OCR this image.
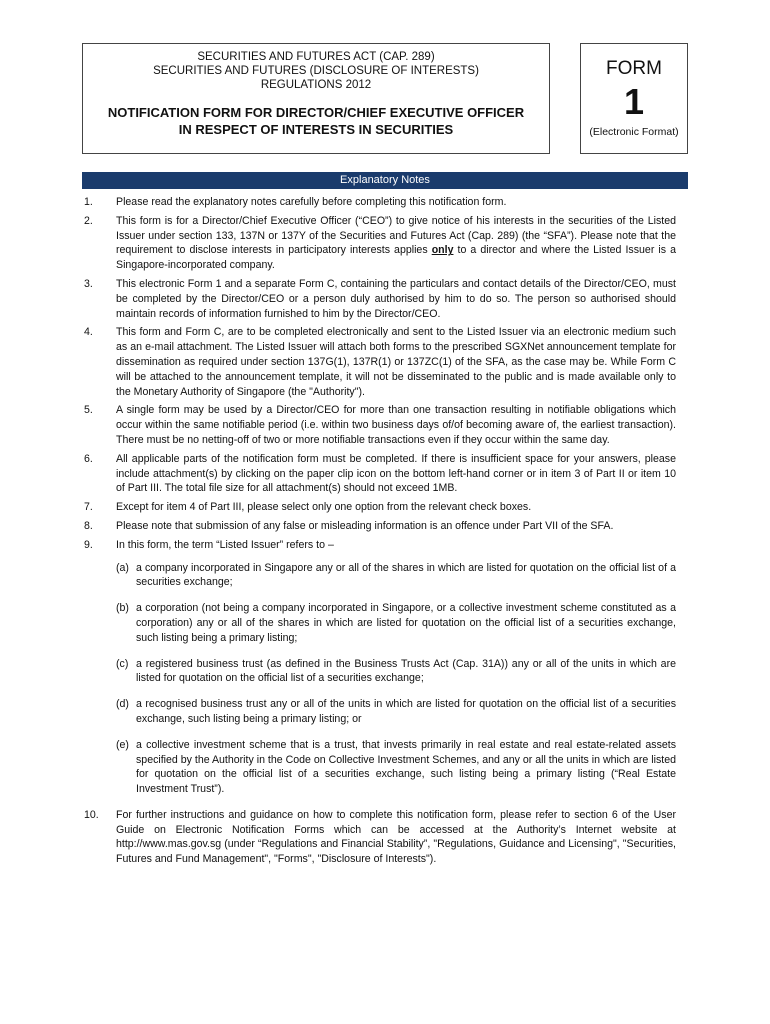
SECURITIES AND FUTURES ACT (CAP. 289)
SECURITIES AND FUTURES (DISCLOSURE OF INTERESTS)
REGULATIONS 2012
NOTIFICATION FORM FOR DIRECTOR/CHIEF EXECUTIVE OFFICER
IN RESPECT OF INTERESTS IN SECURITIES
FORM
1
(Electronic Format)
Explanatory Notes
1.	Please read the explanatory notes carefully before completing this notification form.
2.	This form is for a Director/Chief Executive Officer (“CEO”) to give notice of his interests in the securities of the Listed Issuer under section 133, 137N or 137Y of the Securities and Futures Act (Cap. 289) (the “SFA”). Please note that the requirement to disclose interests in participatory interests applies only to a director and where the Listed Issuer is a Singapore-incorporated company.
3.	This electronic Form 1 and a separate Form C, containing the particulars and contact details of the Director/CEO, must be completed by the Director/CEO or a person duly authorised by him to do so. The person so authorised should maintain records of information furnished to him by the Director/CEO.
4.	This form and Form C, are to be completed electronically and sent to the Listed Issuer via an electronic medium such as an e-mail attachment. The Listed Issuer will attach both forms to the prescribed SGXNet announcement template for dissemination as required under section 137G(1), 137R(1) or 137ZC(1) of the SFA, as the case may be. While Form C will be attached to the announcement template, it will not be disseminated to the public and is made available only to the Monetary Authority of Singapore (the "Authority").
5.	A single form may be used by a Director/CEO for more than one transaction resulting in notifiable obligations which occur within the same notifiable period (i.e. within two business days of/of becoming aware of, the earliest transaction). There must be no netting-off of two or more notifiable transactions even if they occur within the same day.
6.	All applicable parts of the notification form must be completed. If there is insufficient space for your answers, please include attachment(s) by clicking on the paper clip icon on the bottom left-hand corner or in item 3 of Part II or item 10 of Part III. The total file size for all attachment(s) should not exceed 1MB.
7.	Except for item 4 of Part III, please select only one option from the relevant check boxes.
8.	Please note that submission of any false or misleading information is an offence under Part VII of the SFA.
9.	In this form, the term “Listed Issuer” refers to –
(a) a company incorporated in Singapore any or all of the shares in which are listed for quotation on the official list of a securities exchange;
(b) a corporation (not being a company incorporated in Singapore, or a collective investment scheme constituted as a corporation) any or all of the shares in which are listed for quotation on the official list of a securities exchange, such listing being a primary listing;
(c) a registered business trust (as defined in the Business Trusts Act (Cap. 31A)) any or all of the units in which are listed for quotation on the official list of a securities exchange;
(d) a recognised business trust any or all of the units in which are listed for quotation on the official list of a securities exchange, such listing being a primary listing; or
(e) a collective investment scheme that is a trust, that invests primarily in real estate and real estate-related assets specified by the Authority in the Code on Collective Investment Schemes, and any or all the units in which are listed for quotation on the official list of a securities exchange, such listing being a primary listing (“Real Estate Investment Trust”).
10.	For further instructions and guidance on how to complete this notification form, please refer to section 6 of the User Guide on Electronic Notification Forms which can be accessed at the Authority’s Internet website at http://www.mas.gov.sg (under “Regulations and Financial Stability”, "Regulations, Guidance and Licensing", "Securities, Futures and Fund Management", "Forms", "Disclosure of Interests").
